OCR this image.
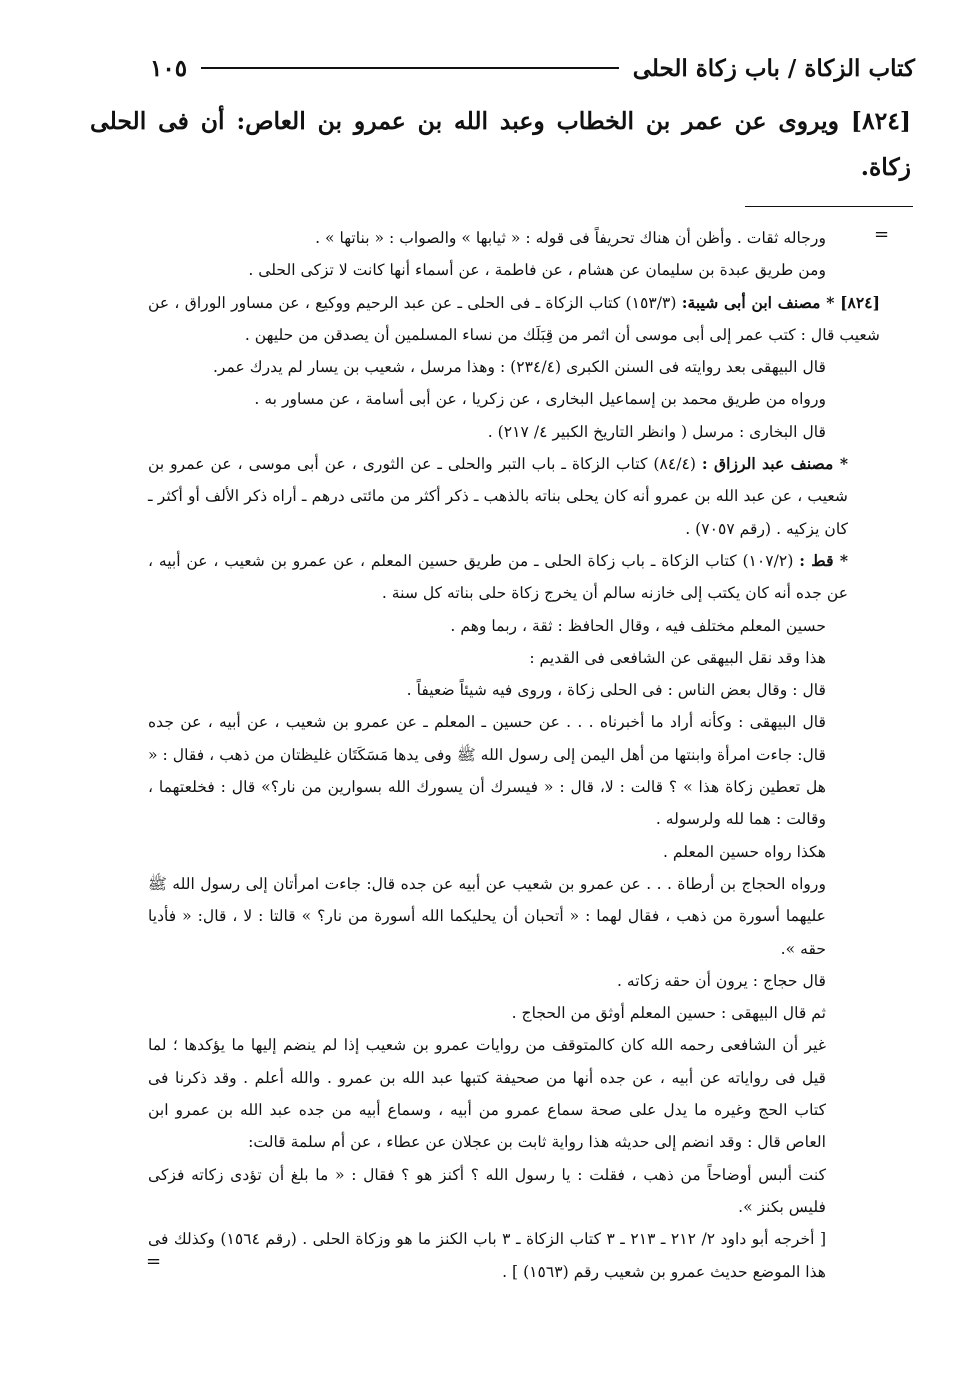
كتاب الزكاة / باب زكاة الحلى
١٠٥
[٨٢٤] ويروى عن عمر بن الخطاب وعبد الله بن عمرو بن العاص: أن فى الحلى زكاة.
=

ورجاله ثقات . وأظن أن هناك تحريفاً فى قوله : « ثيابها » والصواب : « بناتها » .

ومن طريق عبدة بن سليمان عن هشام ، عن فاطمة ، عن أسماء أنها كانت لا تزكى الحلى .

[٨٢٤] * مصنف ابن أبى شيبة: (١٥٣/٣) كتاب الزكاة ـ فى الحلى ـ عن عبد الرحيم ووكيع ، عن مساور الوراق ، عن شعيب قال : كتب عمر إلى أبى موسى أن اثمر من قِبَلَك من نساء المسلمين أن يصدقن من حليهن .

قال البيهقى بعد روايته فى السنن الكبرى (٢٣٤/٤) : وهذا مرسل ، شعيب بن يسار لم يدرك عمر.

ورواه من طريق محمد بن إسماعيل البخارى ، عن زكريا ، عن أبى أسامة ، عن مساور به .

قال البخارى : مرسل ( وانظر التاريخ الكبير ٤/ ٢١٧) .

* مصنف عبد الرزاق : (٨٤/٤) كتاب الزكاة ـ باب التبر والحلى ـ عن الثورى ، عن أبى موسى ، عن عمرو بن شعيب ، عن عبد الله بن عمرو أنه كان يحلى بناته بالذهب ـ ذكر أكثر من مائتى درهم ـ أراه ذكر الألف أو أكثر ـ كان يزكيه . (رقم ٧٠٥٧) .

* قط : (١٠٧/٢) كتاب الزكاة ـ باب زكاة الحلى ـ من طريق حسين المعلم ، عن عمرو بن شعيب ، عن أبيه ، عن جده أنه كان يكتب إلى خازنه سالم أن يخرج زكاة حلى بناته كل سنة .

حسين المعلم مختلف فيه ، وقال الحافظ : ثقة ، ربما وهم .

هذا وقد نقل البيهقى عن الشافعى فى القديم :

قال : وقال بعض الناس : فى الحلى زكاة ، وروى فيه شيئاً ضعيفاً .

قال البيهقى : وكأنه أراد ما أخبرناه . . . عن حسين ـ المعلم ـ عن عمرو بن شعيب ، عن أبيه ، عن جده قال: جاءت امرأة وابنتها من أهل اليمن إلى رسول الله ﷺ وفى يدها مَسَكَتَان غليظتان من ذهب ، فقال : « هل تعطين زكاة هذا » ؟ قالت : لا، قال : « فيسرك أن يسورك الله بسوارين من نار؟» قال : فخلعتهما ، وقالت : هما لله ولرسوله .

هكذا رواه حسين المعلم .

ورواه الحجاج بن أرطاة . . . عن عمرو بن شعيب عن أبيه عن جده قال: جاءت امرأتان إلى رسول الله ﷺ عليهما أسورة من ذهب ، فقال لهما : « أتحبان أن يحليكما الله أسورة من نار؟ » قالتا : لا ، قال: « فأديا حقه ».

قال حجاج : يرون أن حقه زكاته .

ثم قال البيهقى : حسين المعلم أوثق من الحجاج .

غير أن الشافعى رحمه الله كان كالمتوقف من روايات عمرو بن شعيب إذا لم ينضم إليها ما يؤكدها ؛ لما قيل فى رواياته عن أبيه ، عن جده أنها من صحيفة كتبها عبد الله بن عمرو . والله أعلم . وقد ذكرنا فى كتاب الحج وغيره ما يدل على صحة سماع عمرو من أبيه ، وسماع أبيه من جده عبد الله بن عمرو ابن العاص قال : وقد انضم إلى حديثه هذا رواية ثابت بن عجلان عن عطاء ، عن أم سلمة قالت:

كنت ألبس أوضاحاً من ذهب ، فقلت : يا رسول الله ؟ أكنز هو ؟ فقال : « ما بلغ أن تؤدى زكاته فزكى فليس بكنز ».

[ أخرجه أبو داود ٢/ ٢١٢ ـ ٢١٣ ـ ٣ كتاب الزكاة ـ ٣ باب الكنز ما هو وزكاة الحلى . (رقم ١٥٦٤) وكذلك فى هذا الموضع حديث عمرو بن شعيب رقم (١٥٦٣) ] .

=
